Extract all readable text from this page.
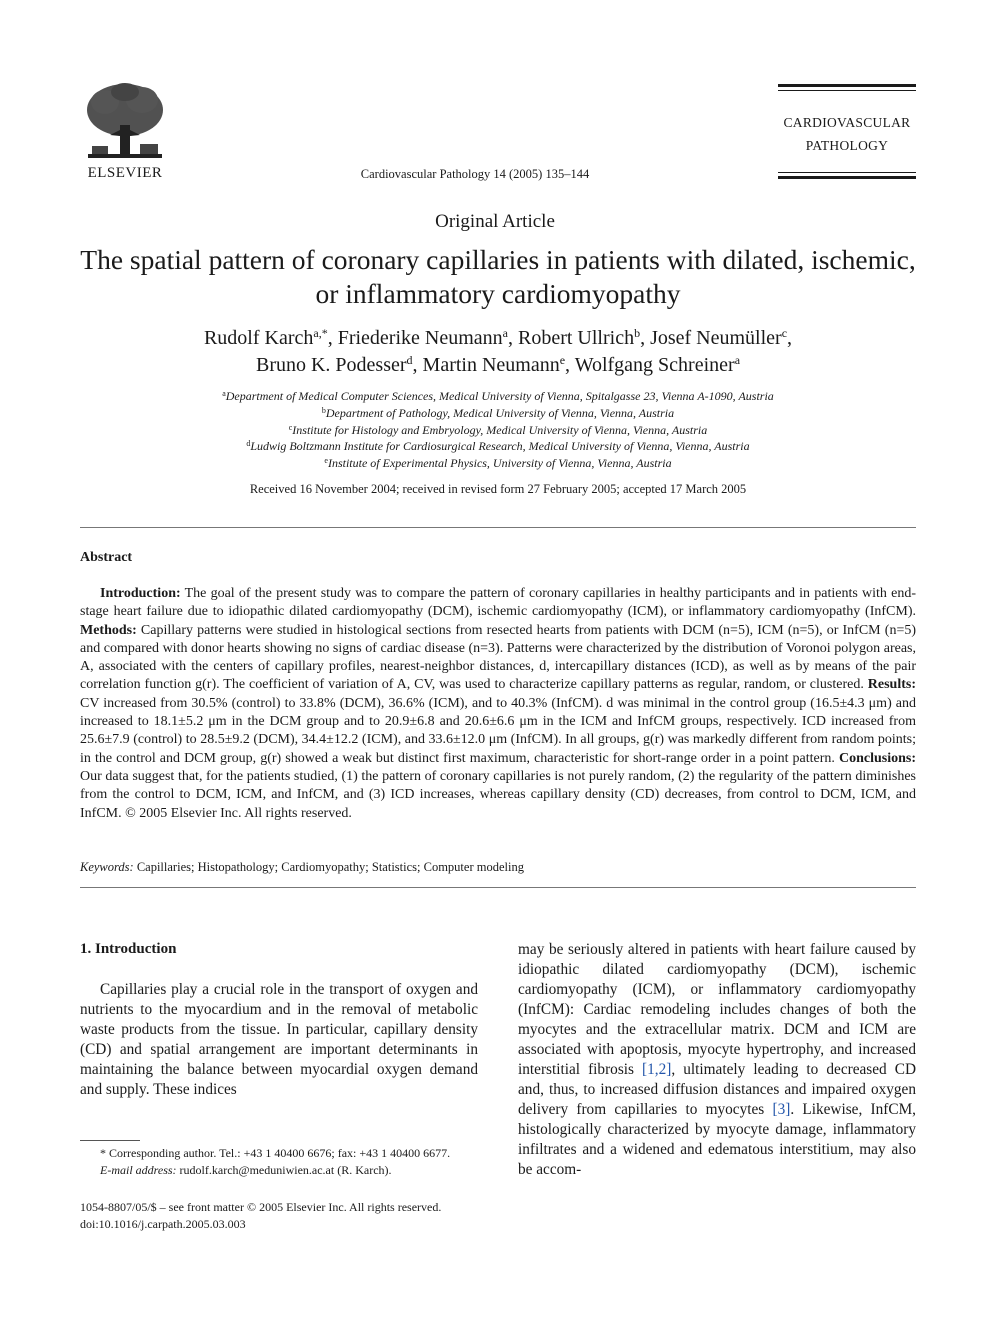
ELSEVIER	Cardiovascular Pathology 14 (2005) 135–144
CARDIOVASCULAR
PATHOLOGY
Original Article
The spatial pattern of coronary capillaries in patients with dilated, ischemic, or inflammatory cardiomyopathy
Rudolf Karch$^{a,*}$, Friederike Neumann$^a$, Robert Ullrich$^b$, Josef Neumüller$^c$,
Bruno K. Podesser$^d$, Martin Neumann$^e$, Wolfgang Schreiner$^a$
$^a$Department of Medical Computer Sciences, Medical University of Vienna, Spitalgasse 23, Vienna A-1090, Austria
$^b$Department of Pathology, Medical University of Vienna, Vienna, Austria
$^c$Institute for Histology and Embryology, Medical University of Vienna, Vienna, Austria
$^d$Ludwig Boltzmann Institute for Cardiosurgical Research, Medical University of Vienna, Vienna, Austria
$^e$Institute of Experimental Physics, University of Vienna, Vienna, Austria
Received 16 November 2004; received in revised form 27 February 2005; accepted 17 March 2005
Abstract

Introduction: The goal of the present study was to compare the pattern of coronary capillaries in healthy participants and in patients with end-stage heart failure due to idiopathic dilated cardiomyopathy (DCM), ischemic cardiomyopathy (ICM), or inflammatory cardiomyopathy (InfCM). Methods: Capillary patterns were studied in histological sections from resected hearts from patients with DCM (n=5), ICM (n=5), or InfCM (n=5) and compared with donor hearts showing no signs of cardiac disease (n=3). Patterns were characterized by the distribution of Voronoi polygon areas, A, associated with the centers of capillary profiles, nearest-neighbor distances, d, intercapillary distances (ICD), as well as by means of the pair correlation function g(r). The coefficient of variation of A, CV, was used to characterize capillary patterns as regular, random, or clustered. Results: CV increased from 30.5% (control) to 33.8% (DCM), 36.6% (ICM), and to 40.3% (InfCM). d was minimal in the control group (16.5±4.3 μm) and increased to 18.1±5.2 μm in the DCM group and to 20.9±6.8 and 20.6±6.6 μm in the ICM and InfCM groups, respectively. ICD increased from 25.6±7.9 (control) to 28.5±9.2 (DCM), 34.4±12.2 (ICM), and 33.6±12.0 μm (InfCM). In all groups, g(r) was markedly different from random points; in the control and DCM group, g(r) showed a weak but distinct first maximum, characteristic for short-range order in a point pattern. Conclusions: Our data suggest that, for the patients studied, (1) the pattern of coronary capillaries is not purely random, (2) the regularity of the pattern diminishes from the control to DCM, ICM, and InfCM, and (3) ICD increases, whereas capillary density (CD) decreases, from control to DCM, ICM, and InfCM. © 2005 Elsevier Inc. All rights reserved.

Keywords: Capillaries; Histopathology; Cardiomyopathy; Statistics; Computer modeling
1. Introduction

Capillaries play a crucial role in the transport of oxygen and nutrients to the myocardium and in the removal of metabolic waste products from the tissue. In particular, capillary density (CD) and spatial arrangement are important determinants in maintaining the balance between myocardial oxygen demand and supply. These indices

may be seriously altered in patients with heart failure caused by idiopathic dilated cardiomyopathy (DCM), ischemic cardiomyopathy (ICM), or inflammatory cardiomyopathy (InfCM): Cardiac remodeling includes changes of both the myocytes and the extracellular matrix. DCM and ICM are associated with apoptosis, myocyte hypertrophy, and increased interstitial fibrosis [1,2], ultimately leading to decreased CD and, thus, to increased diffusion distances and impaired oxygen delivery from capillaries to myocytes [3]. Likewise, InfCM, histologically characterized by myocyte damage, inflammatory infiltrates and a widened and edematous interstitium, may also be accom-

* Corresponding author. Tel.: +43 1 40400 6676; fax: +43 1 40400 6677.

E-mail address: rudolf.karch@meduniwien.ac.at (R. Karch).

1054-8807/05/$ – see front matter © 2005 Elsevier Inc. All rights reserved.

doi:10.1016/j.carpath.2005.03.003
